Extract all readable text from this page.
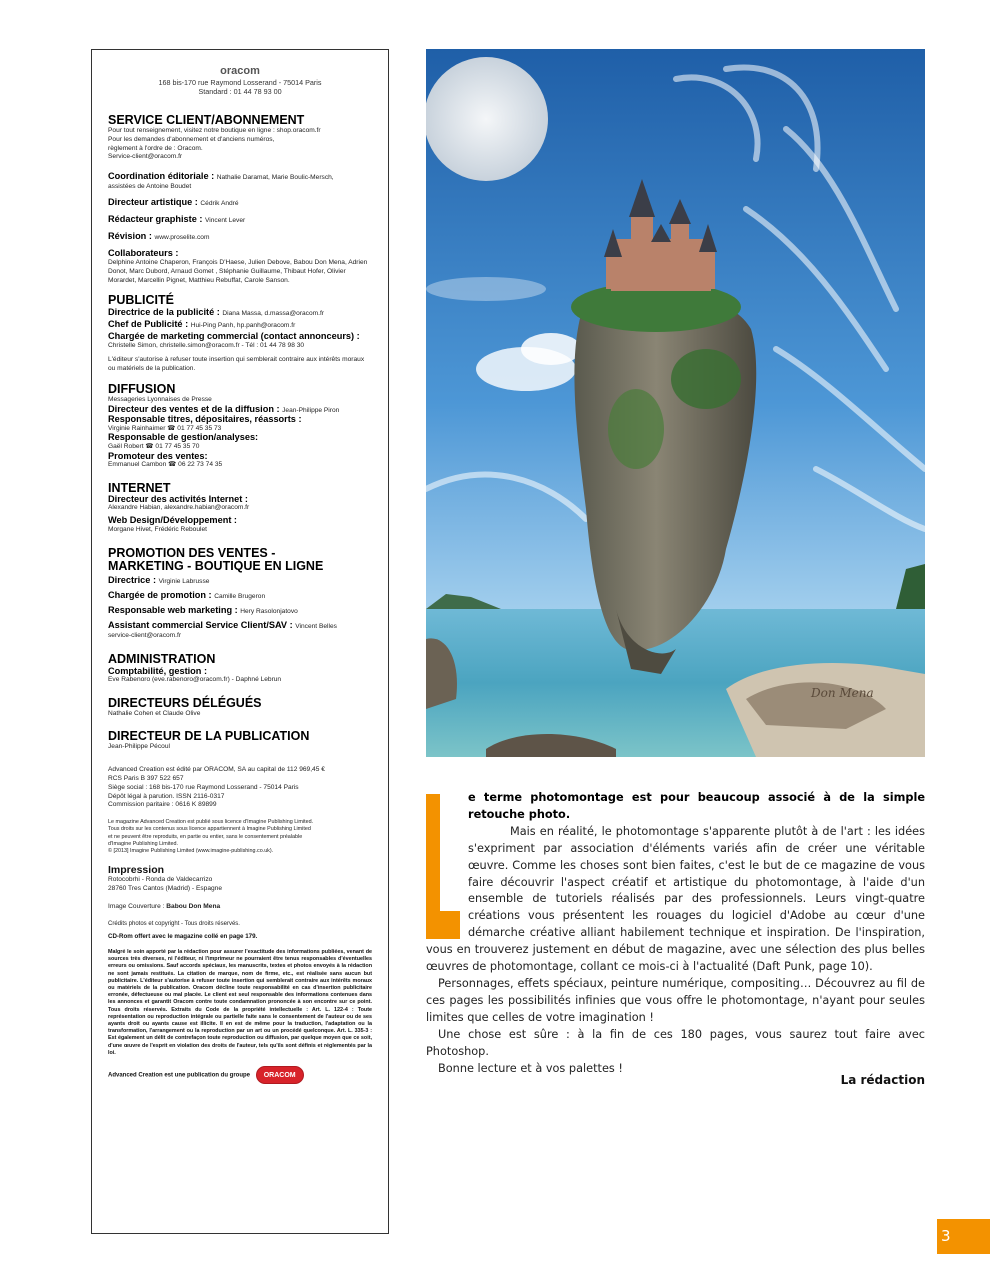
oracom
168 bis-170 rue Raymond Losserand - 75014 Paris
Standard : 01 44 78 93 00
SERVICE CLIENT/ABONNEMENT
Pour tout renseignement, visitez notre boutique en ligne : shop.oracom.fr
Pour les demandes d'abonnement et d'anciens numéros,
règlement à l'ordre de : Oracom.
Service-client@oracom.fr
Coordination éditoriale : Nathalie Daramat, Marie Boulic-Mersch,
assistées de Antoine Boudet
Directeur artistique : Cédrik André
Rédacteur graphiste : Vincent Lever
Révision : www.proselite.com
Collaborateurs :
Delphine Antoine Chaperon, François D'Haese, Julien Debove, Babou Don Mena, Adrien Donot, Marc Dubord, Arnaud Gomet , Stéphanie Guillaume, Thibaut Hofer, Olivier Morardet, Marcellin Pignet, Matthieu Rebuffat, Carole Sanson.
PUBLICITÉ
Directrice de la publicité : Diana Massa, d.massa@oracom.fr
Chef de Publicité : Hui-Ping Panh, hp.panh@oracom.fr
Chargée de marketing commercial (contact annonceurs) :
Christelle Simon, christelle.simon@oracom.fr - Tél : 01 44 78 98 30
L'éditeur s'autorise à refuser toute insertion qui semblerait contraire aux intérêts moraux ou matériels de la publication.
DIFFUSION
Messageries Lyonnaises de Presse
Directeur des ventes et de la diffusion : Jean-Philippe Piron
Responsable titres, dépositaires, réassorts :
Virginie Rainhaimer ☎ 01 77 45 35 73
Responsable de gestion/analyses:
Gaël Robert ☎ 01 77 45 35 70
Promoteur des ventes:
Emmanuel Cambon ☎ 06 22 73 74 35
INTERNET
Directeur des activités Internet :
Alexandre Habian, alexandre.habian@oracom.fr
Web Design/Développement :
Morgane Hivet, Frédéric Reboulet
PROMOTION DES VENTES -
MARKETING - BOUTIQUE EN LIGNE
Directrice : Virginie Labrusse
Chargée de promotion : Camille Brugeron
Responsable web marketing : Hery Rasolonjatovo
Assistant commercial Service Client/SAV : Vincent Belles
service-client@oracom.fr
ADMINISTRATION
Comptabilité, gestion :
Eve Rabenoro (eve.rabenoro@oracom.fr) - Daphné Lebrun
DIRECTEURS DÉLÉGUÉS
Nathalie Cohen et Claude Olive
DIRECTEUR DE LA PUBLICATION
Jean-Philippe Pécoul
Advanced Creation est édité par ORACOM, SA au capital de 112 969,45 €
RCS Paris B 397 522 657
Siège social : 168 bis-170 rue Raymond Losserand - 75014 Paris
Dépôt légal à parution. ISSN 2116-0317
Commission paritaire : 0616 K 89899
Le magazine Advanced Creation est publié sous licence d'Imagine Publishing Limited.
Tous droits sur les contenus sous licence appartiennent à Imagine Publishing Limited
et ne peuvent être reproduits, en partie ou entier, sans le consentement préalable
d'Imagine Publishing Limited.
© [2013] Imagine Publishing Limited (www.imagine-publishing.co.uk).
Impression
Rotocobrhi - Ronda de Valdecarrizo
28760 Tres Cantos (Madrid) - Espagne
Image Couverture : Babou Don Mena
Crédits photos et copyright - Tous droits réservés.
CD-Rom offert avec le magazine collé en page 179.
Malgré le soin apporté par la rédaction pour assurer l'exactitude des informations publiées, venant de sources très diverses, ni l'éditeur, ni l'imprimeur ne pourraient être tenus responsables d'éventuelles erreurs ou omissions. Sauf accords spéciaux, les manuscrits, textes et photos envoyés à la rédaction ne sont jamais restitués. La citation de marque, nom de firme, etc., est réalisée sans aucun but publicitaire. L'éditeur s'autorise à refuser toute insertion qui semblerait contraire aux intérêts moraux ou matériels de la publication. Oracom décline toute responsabilité en cas d'insertion publicitaire erronée, défectueuse ou mal placée. Le client est seul responsable des informations contenues dans les annonces et garantit Oracom contre toute condamnation prononcée à son encontre sur ce point. Tous droits réservés. Extraits du Code de la propriété intellectuelle : Art. L. 122-4 : Toute représentation ou reproduction intégrale ou partielle faite sans le consentement de l'auteur ou de ses ayants droit ou ayants cause est illicite. Il en est de même pour la traduction, l'adaptation ou la transformation, l'arrangement ou la reproduction par un art ou un procédé quelconque. Art. L. 335-3 : Est également un délit de contrefaçon toute reproduction ou diffusion, par quelque moyen que ce soit, d'une œuvre de l'esprit en violation des droits de l'auteur, tels qu'ils sont définis et réglementés par la loi.
Advanced Creation est une publication du groupe ORACOM
Don Mena
e terme photomontage est pour beaucoup associé à de la simple retouche photo.

Mais en réalité, le photomontage s'apparente plutôt à de l'art : les idées s'expriment par association d'éléments variés afin de créer une véritable œuvre. Comme les choses sont bien faites, c'est le but de ce magazine de vous faire découvrir l'aspect créatif et artistique du photomontage, à l'aide d'un ensemble de tutoriels réalisés par des professionnels. Leurs vingt-quatre créations vous présentent les rouages du logiciel d'Adobe au cœur d'une démarche créative alliant habilement technique et inspiration. De l'inspiration, vous en trouverez justement en début de magazine, avec une sélection des plus belles œuvres de photomontage, collant ce mois-ci à l'actualité (Daft Punk, page 10).

Personnages, effets spéciaux, peinture numérique, compositing… Découvrez au fil de ces pages les possibilités infinies que vous offre le photomontage, n'ayant pour seules limites que celles de votre imagination !

Une chose est sûre : à la fin de ces 180 pages, vous saurez tout faire avec Photoshop.

Bonne lecture et à vos palettes !

La rédaction
3
